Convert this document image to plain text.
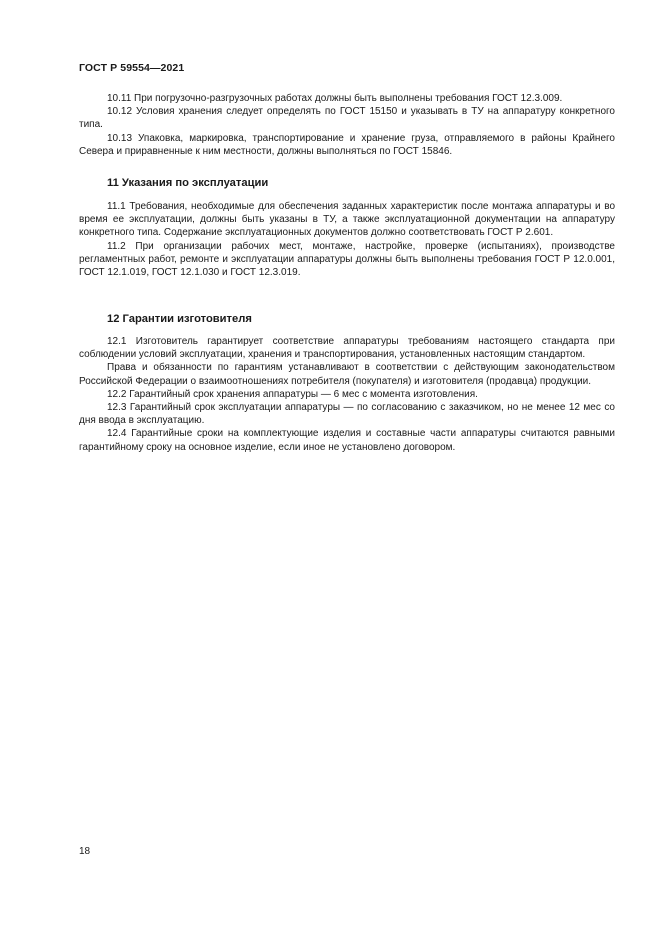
ГОСТ Р 59554—2021

10.11 При погрузочно-разгрузочных работах должны быть выполнены требования ГОСТ 12.3.009.

10.12 Условия хранения следует определять по ГОСТ 15150 и указывать в ТУ на аппаратуру конкретного типа.

10.13 Упаковка, маркировка, транспортирование и хранение груза, отправляемого в районы Крайнего Севера и приравненные к ним местности, должны выполняться по ГОСТ 15846.

11 Указания по эксплуатации

11.1 Требования, необходимые для обеспечения заданных характеристик после монтажа аппаратуры и во время ее эксплуатации, должны быть указаны в ТУ, а также эксплуатационной документации на аппаратуру конкретного типа. Содержание эксплуатационных документов должно соответствовать ГОСТ Р 2.601.

11.2 При организации рабочих мест, монтаже, настройке, проверке (испытаниях), производстве регламентных работ, ремонте и эксплуатации аппаратуры должны быть выполнены требования ГОСТ Р 12.0.001, ГОСТ 12.1.019, ГОСТ 12.1.030 и ГОСТ 12.3.019.

12 Гарантии изготовителя

12.1 Изготовитель гарантирует соответствие аппаратуры требованиям настоящего стандарта при соблюдении условий эксплуатации, хранения и транспортирования, установленных настоящим стандартом.

Права и обязанности по гарантиям устанавливают в соответствии с действующим законодательством Российской Федерации о взаимоотношениях потребителя (покупателя) и изготовителя (продавца) продукции.

12.2 Гарантийный срок хранения аппаратуры — 6 мес с момента изготовления.

12.3 Гарантийный срок эксплуатации аппаратуры — по согласованию с заказчиком, но не менее 12 мес со дня ввода в эксплуатацию.

12.4 Гарантийные сроки на комплектующие изделия и составные части аппаратуры считаются равными гарантийному сроку на основное изделие, если иное не установлено договором.

18
